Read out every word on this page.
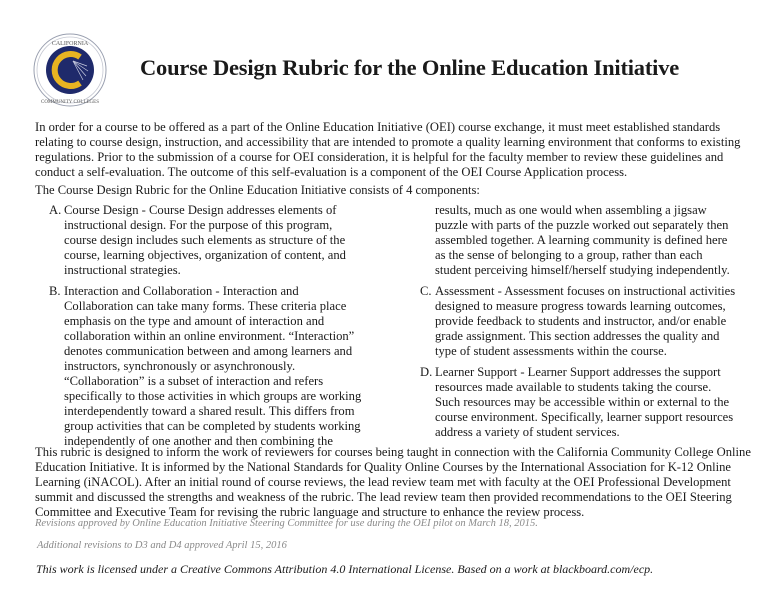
CALIFORNIA
COMMUNITY COLLEGES
Course Design Rubric for the Online Education Initiative
In order for a course to be offered as a part of the Online Education Initiative (OEI) course exchange, it must meet established standards
relating to course design, instruction, and accessibility that are intended to promote a quality learning environment that conforms to existing
regulations. Prior to the submission of a course for OEI consideration, it is helpful for the faculty member to review these guidelines and
conduct a self-evaluation. The outcome of this self-evaluation is a component of the OEI Course Application process.
The Course Design Rubric for the Online Education Initiative consists of 4 components:
A. Course Design - Course Design addresses elements of
instructional design. For the purpose of this program,
course design includes such elements as structure of the
course, learning objectives, organization of content, and
instructional strategies.
B. Interaction and Collaboration - Interaction and
Collaboration can take many forms. These criteria place
emphasis on the type and amount of interaction and
collaboration within an online environment. “Interaction”
denotes communication between and among learners and
instructors, synchronously or asynchronously.
“Collaboration” is a subset of interaction and refers
specifically to those activities in which groups are working
interdependently toward a shared result. This differs from
group activities that can be completed by students working
independently of one another and then combining the
results, much as one would when assembling a jigsaw
puzzle with parts of the puzzle worked out separately then
assembled together. A learning community is defined here
as the sense of belonging to a group, rather than each
student perceiving himself/herself studying independently.
C. Assessment - Assessment focuses on instructional activities
designed to measure progress towards learning outcomes,
provide feedback to students and instructor, and/or enable
grade assignment. This section addresses the quality and
type of student assessments within the course.
D. Learner Support - Learner Support addresses the support
resources made available to students taking the course.
Such resources may be accessible within or external to the
course environment. Specifically, learner support resources
address a variety of student services.
This rubric is designed to inform the work of reviewers for courses being taught in connection with the California Community College Online
Education Initiative. It is informed by the National Standards for Quality Online Courses by the International Association for K-12 Online
Learning (iNACOL). After an initial round of course reviews, the lead review team met with faculty at the OEI Professional Development
summit and discussed the strengths and weakness of the rubric. The lead review team then provided recommendations to the OEI Steering
Committee and Executive Team for revising the rubric language and structure to enhance the review process.
Revisions approved by Online Education Initiative Steering Committee for use during the OEI pilot on March 18, 2015.
Additional revisions to D3 and D4 approved April 15, 2016
This work is licensed under a Creative Commons Attribution 4.0 International License. Based on a work at blackboard.com/ecp.
